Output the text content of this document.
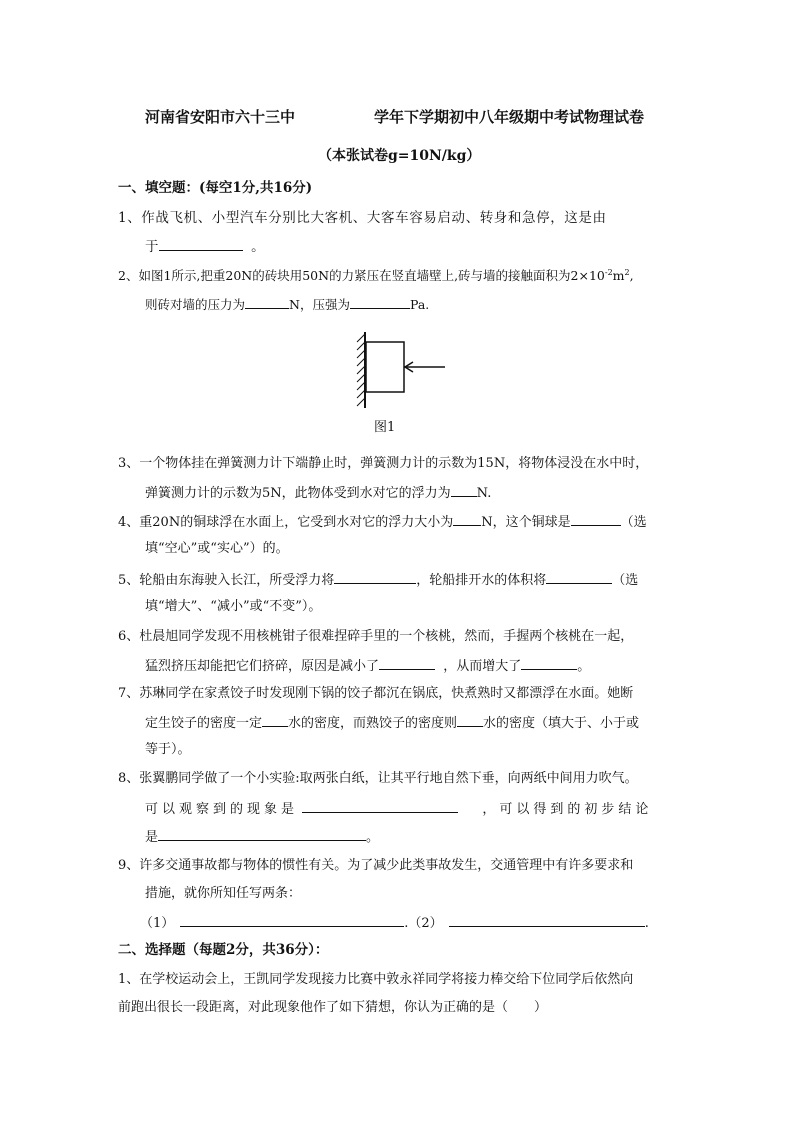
河南省安阳市六十三中	学年下学期初中八年级期中考试物理试卷
（本张试卷g=10N/kg）
一、填空题：(每空1分,共16分)
1、作战飞机、小型汽车分别比大客机、大客车容易启动、转身和急停，这是由
于	。
2、如图1所示,把重20N的砖块用50N的力紧压在竖直墙壁上,砖与墙的接触面积为$2\times 10^{-2}m^2$,
则砖对墙的压力为	N，压强为	Pa.
图1
3、一个物体挂在弹簧测力计下端静止时，弹簧测力计的示数为15N，将物体浸没在水中时，
弹簧测力计的示数为5N，此物体受到水对它的浮力为 N.
4、重20N的铜球浮在水面上，它受到水对它的浮力大小为 N，这个铜球是	（选
填“空心”或“实心”）的。
5、轮船由东海驶入长江，所受浮力将	，轮船排开水的体积将	（选
填“增大”、“减小”或“不变”）。
6、杜晨旭同学发现不用核桃钳子很难捏碎手里的一个核桃，然而，手握两个核桃在一起，
猛烈挤压却能把它们挤碎，原因是减小了	，从而增大了	。
7、苏琳同学在家煮饺子时发现刚下锅的饺子都沉在锅底，快煮熟时又都漂浮在水面。她断
定生饺子的密度一定 水的密度，而熟饺子的密度则 水的密度（填大于、小于或
等于）。
8、张翼鹏同学做了一个小实验:取两张白纸，让其平行地自然下垂，向两纸中间用力吹气。
可以观察到的现象是	，可以得到的初步结论
是	。
9、许多交通事故都与物体的惯性有关。为了减少此类事故发生，交通管理中有许多要求和
措施，就你所知任写两条：
（1）	.（2）	.
二、选择题（每题2分，共36分）：
1、在学校运动会上，王凯同学发现接力比赛中敦永祥同学将接力棒交给下位同学后依然向
前跑出很长一段距离，对此现象他作了如下猜想，你认为正确的是（　　）
